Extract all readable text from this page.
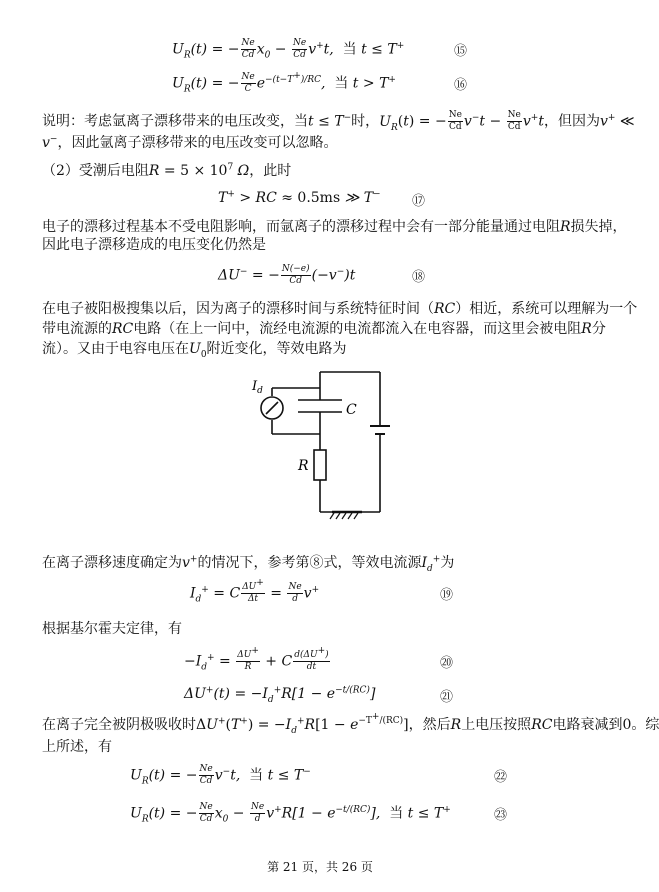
$U_R(t)$ = − $\frac{Ne}{Cd} x_0 - \frac{Ne}{Cd} v^+t$,  当 t ≤ T+	⑮
$U_R(t)$ = − $\frac{Ne}{C} e^{-(t-T^+)/RC}$,  当 t > T+	⑯
说明：考虑氩离子漂移带来的电压改变，当t ≤ T−时，$U_R(t)$ = − $\frac{Ne}{Cd} v^-t - \frac{Ne}{Cd} v^+t$，但因为v+ ≪
v−，因此氩离子漂移带来的电压改变可以忽略。
（2）受潮后电阻$R = 5 \times 10^7$ Ω，此时
T+ > RC ≈ 0.5ms ≫ T− ⑰
电子的漂移过程基本不受电阻影响，而氩离子的漂移过程中会有一部分能量通过电阻R损失掉，
因此电子漂移造成的电压变化仍然是
ΔU− = − $\frac{N(-e)}{Cd} (-v^-)t$	⑱
在电子被阳极搜集以后，因为离子的漂移时间与系统特征时间（RC）相近，系统可以理解为一个
带电流源的RC电路（在上一问中，流经电流源的电流都流入在电容器，而这里会被电阻R分
流）。又由于电容电压在$U_0$附近变化，等效电路为
$I_d$
C
R
在离子漂移速度确定为v+的情况下，参考第⑧式，等效电流源$I_d^+$为
$I_d^+ = C \frac{\Delta U^+}{\Delta t} = \frac{Ne}{d} v^+$	⑲
根据基尔霍夫定律，有
$-I_d^+ = \frac{\Delta U^+}{R} + C \frac{d(\Delta U^+)}{dt}$	⑳
$\Delta U^+(t) = -I_d^+R[1 - e^{-t/(RC)}]$	㉑
在离子完全被阴极吸收时$\Delta U^+(T^+) = -I_d^+R[1 - e^{-T^+/(RC)}]$，然后R上电压按照RC电路衰减到0。综
上所述，有
$U_R(t)$ = − $\frac{Ne}{Cd} v^-t$,  当 t ≤ T−	㉒
$U_R(t)$ = − $\frac{Ne}{Cd} x_0 - \frac{Ne}{d} v^+R[1 - e^{-t/(RC)}]$,  当 t ≤ T+	㉓
第 21 页，共 26 页
